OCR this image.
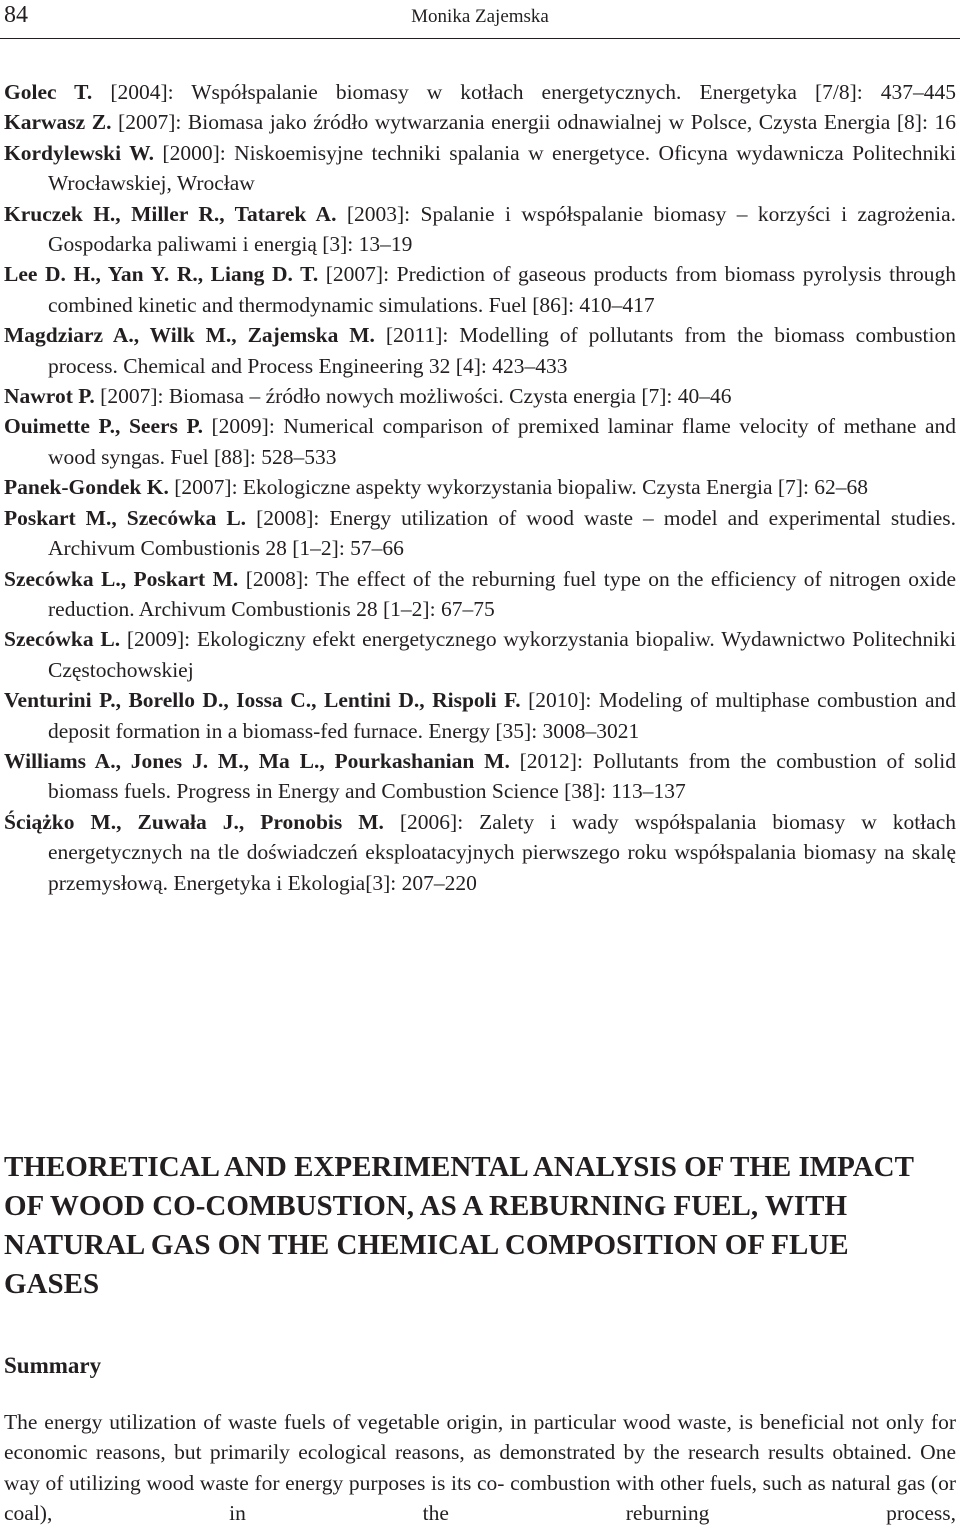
84	Monika Zajemska

Golec T. [2004]: Współspalanie biomasy w kotłach energetycznych. Energetyka [7/8]: 437–445

Karwasz Z. [2007]: Biomasa jako źródło wytwarzania energii odnawialnej w Polsce, Czysta Energia [8]: 16

Kordylewski W. [2000]: Niskoemisyjne techniki spalania w energetyce. Oficyna wydawnicza Politechniki Wrocławskiej, Wrocław

Kruczek H., Miller R., Tatarek A. [2003]: Spalanie i współspalanie biomasy – korzyści i zagrożenia. Gospodarka paliwami i energią [3]: 13–19

Lee D. H., Yan Y. R., Liang D. T. [2007]: Prediction of gaseous products from biomass pyrolysis through combined kinetic and thermodynamic simulations. Fuel [86]: 410–417

Magdziarz A., Wilk M., Zajemska M. [2011]: Modelling of pollutants from the biomass combustion process. Chemical and Process Engineering 32 [4]: 423–433

Nawrot P. [2007]: Biomasa – źródło nowych możliwości. Czysta energia [7]: 40–46

Ouimette P., Seers P. [2009]: Numerical comparison of premixed laminar flame velocity of methane and wood syngas. Fuel [88]: 528–533

Panek-Gondek K. [2007]: Ekologiczne aspekty wykorzystania biopaliw. Czysta Energia [7]: 62–68

Poskart M., Szecówka L. [2008]: Energy utilization of wood waste – model and experimental studies. Archivum Combustionis 28 [1–2]: 57–66

Szecówka L., Poskart M. [2008]: The effect of the reburning fuel type on the efficiency of nitrogen oxide reduction. Archivum Combustionis 28 [1–2]: 67–75

Szecówka L. [2009]: Ekologiczny efekt energetycznego wykorzystania biopaliw. Wydawnictwo Politechniki Częstochowskiej

Venturini P., Borello D., Iossa C., Lentini D., Rispoli F. [2010]: Modeling of multiphase combustion and deposit formation in a biomass-fed furnace. Energy [35]: 3008–3021

Williams A., Jones J. M., Ma L., Pourkashanian M. [2012]: Pollutants from the combustion of solid biomass fuels. Progress in Energy and Combustion Science [38]: 113–137

Ściążko M., Zuwała J., Pronobis M. [2006]: Zalety i wady współspalania biomasy w kotłach energetycznych na tle doświadczeń eksploatacyjnych pierwszego roku współspalania biomasy na skalę przemysłową. Energetyka i Ekologia[3]: 207–220

THEORETICAL AND EXPERIMENTAL ANALYSIS OF THE IMPACT OF WOOD CO-COMBUSTION, AS A REBURNING FUEL, WITH NATURAL GAS ON THE CHEMICAL COMPOSITION OF FLUE GASES
Summary

The energy utilization of waste fuels of vegetable origin, in particular wood waste, is beneficial not only for economic reasons, but primarily ecological reasons, as demonstrated by the research results obtained. One way of utilizing wood waste for energy purposes is its co- combustion with other fuels, such as natural gas (or coal), in the reburning process,
